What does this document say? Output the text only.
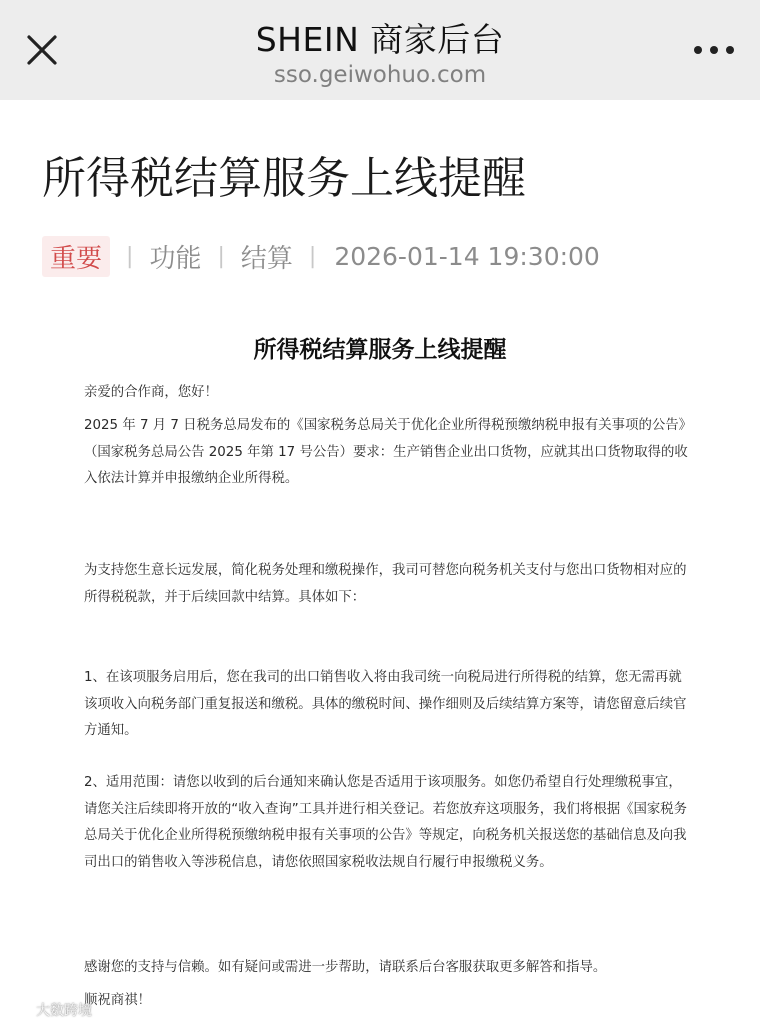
SHEIN 商家后台
sso.geiwohuo.com
所得税结算服务上线提醒
重要	| 功能 | 结算 | 2026-01-14 19:30:00
所得税结算服务上线提醒
亲爱的合作商，您好！
2025 年 7 月 7 日税务总局发布的《国家税务总局关于优化企业所得税预缴纳税申报有关事项的公告》（国家税务总局公告 2025 年第 17 号公告）要求：生产销售企业出口货物，应就其出口货物取得的收入依法计算并申报缴纳企业所得税。
为支持您生意长远发展，简化税务处理和缴税操作，我司可替您向税务机关支付与您出口货物相对应的所得税税款，并于后续回款中结算。具体如下：
1、在该项服务启用后，您在我司的出口销售收入将由我司统一向税局进行所得税的结算，您无需再就该项收入向税务部门重复报送和缴税。具体的缴税时间、操作细则及后续结算方案等，请您留意后续官方通知。
2、适用范围：请您以收到的后台通知来确认您是否适用于该项服务。如您仍希望自行处理缴税事宜，请您关注后续即将开放的“收入查询”工具并进行相关登记。若您放弃这项服务，我们将根据《国家税务总局关于优化企业所得税预缴纳税申报有关事项的公告》等规定，向税务机关报送您的基础信息及向我司出口的销售收入等涉税信息，请您依照国家税收法规自行履行申报缴税义务。
感谢您的支持与信赖。如有疑问或需进一步帮助，请联系后台客服获取更多解答和指导。
顺祝商祺！
大数跨境
